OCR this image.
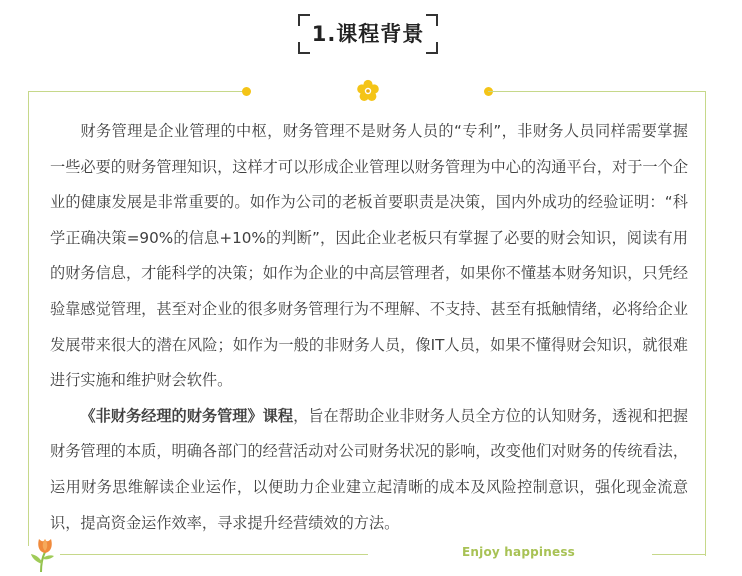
1.课程背景

财务管理是企业管理的中枢，财务管理不是财务人员的“专利”，非财务人员同样需要掌握一些必要的财务管理知识，这样才可以形成企业管理以财务管理为中心的沟通平台，对于一个企业的健康发展是非常重要的。如作为公司的老板首要职责是决策，国内外成功的经验证明：“科学正确决策=90%的信息+10%的判断”，因此企业老板只有掌握了必要的财会知识，阅读有用的财务信息，才能科学的决策；如作为企业的中高层管理者，如果你不懂基本财务知识，只凭经验靠感觉管理，甚至对企业的很多财务管理行为不理解、不支持、甚至有抵触情绪，必将给企业发展带来很大的潜在风险；如作为一般的非财务人员，像IT人员，如果不懂得财会知识，就很难进行实施和维护财会软件。

《非财务经理的财务管理》课程，旨在帮助企业非财务人员全方位的认知财务，透视和把握财务管理的本质，明确各部门的经营活动对公司财务状况的影响，改变他们对财务的传统看法，运用财务思维解读企业运作，以便助力企业建立起清晰的成本及风险控制意识，强化现金流意识，提高资金运作效率，寻求提升经营绩效的方法。

Enjoy happiness
